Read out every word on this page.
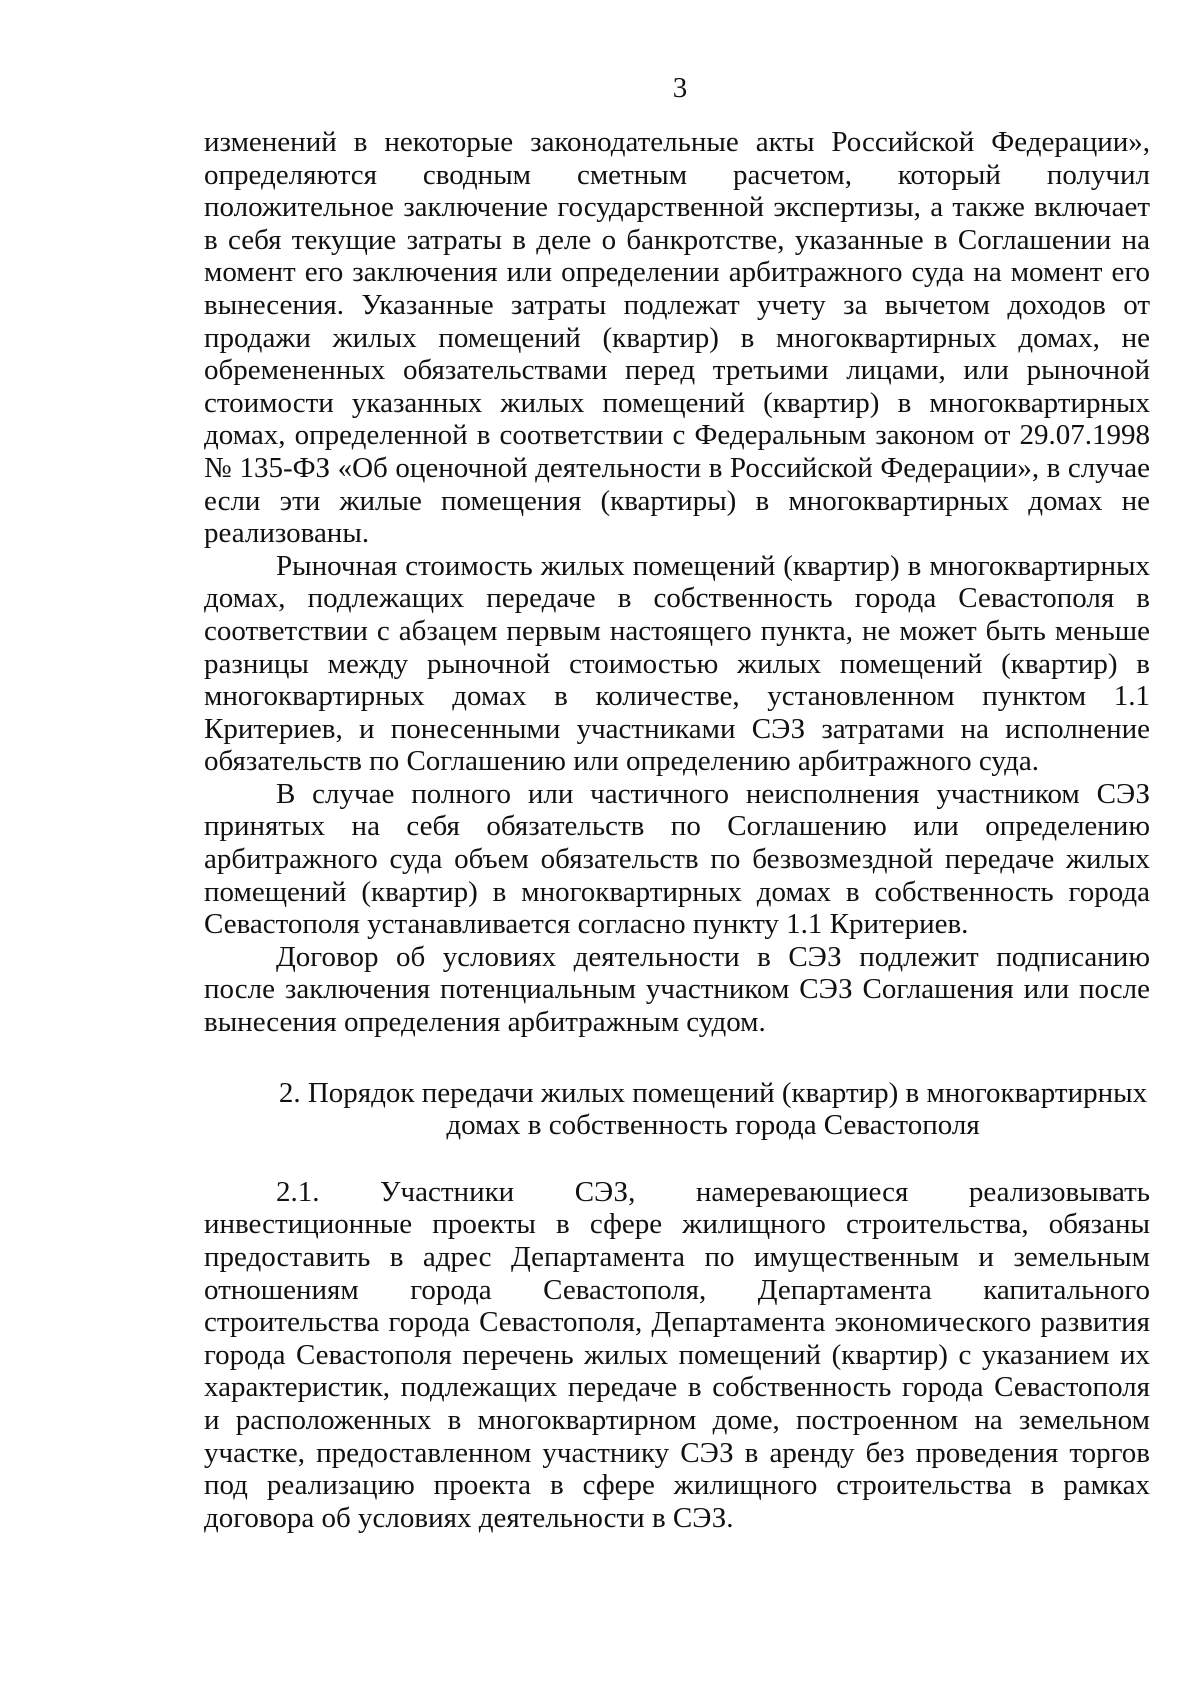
3

изменений в некоторые законодательные акты Российской Федерации», определяются сводным сметным расчетом, который получил положительное заключение государственной экспертизы, а также включает в себя текущие затраты в деле о банкротстве, указанные в Соглашении на момент его заключения или определении арбитражного суда на момент его вынесения. Указанные затраты подлежат учету за вычетом доходов от продажи жилых помещений (квартир) в многоквартирных домах, не обремененных обязательствами перед третьими лицами, или рыночной стоимости указанных жилых помещений (квартир) в многоквартирных домах, определенной в соответствии с Федеральным законом от 29.07.1998 № 135-ФЗ «Об оценочной деятельности в Российской Федерации», в случае если эти жилые помещения (квартиры) в многоквартирных домах не реализованы.

Рыночная стоимость жилых помещений (квартир) в многоквартирных домах, подлежащих передаче в собственность города Севастополя в соответствии с абзацем первым настоящего пункта, не может быть меньше разницы между рыночной стоимостью жилых помещений (квартир) в многоквартирных домах в количестве, установленном пунктом 1.1 Критериев, и понесенными участниками СЭЗ затратами на исполнение обязательств по Соглашению или определению арбитражного суда.

В случае полного или частичного неисполнения участником СЭЗ принятых на себя обязательств по Соглашению или определению арбитражного суда объем обязательств по безвозмездной передаче жилых помещений (квартир) в многоквартирных домах в собственность города Севастополя устанавливается согласно пункту 1.1 Критериев.

Договор об условиях деятельности в СЭЗ подлежит подписанию после заключения потенциальным участником СЭЗ Соглашения или после вынесения определения арбитражным судом.

2. Порядок передачи жилых помещений (квартир) в многоквартирных
домах в собственность города Севастополя

2.1. Участники СЭЗ, намеревающиеся реализовывать инвестиционные проекты в сфере жилищного строительства, обязаны предоставить в адрес Департамента по имущественным и земельным отношениям города Севастополя, Департамента капитального строительства города Севастополя, Департамента экономического развития города Севастополя перечень жилых помещений (квартир) с указанием их характеристик, подлежащих передаче в собственность города Севастополя и расположенных в многоквартирном доме, построенном на земельном участке, предоставленном участнику СЭЗ в аренду без проведения торгов под реализацию проекта в сфере жилищного строительства в рамках договора об условиях деятельности в СЭЗ.
